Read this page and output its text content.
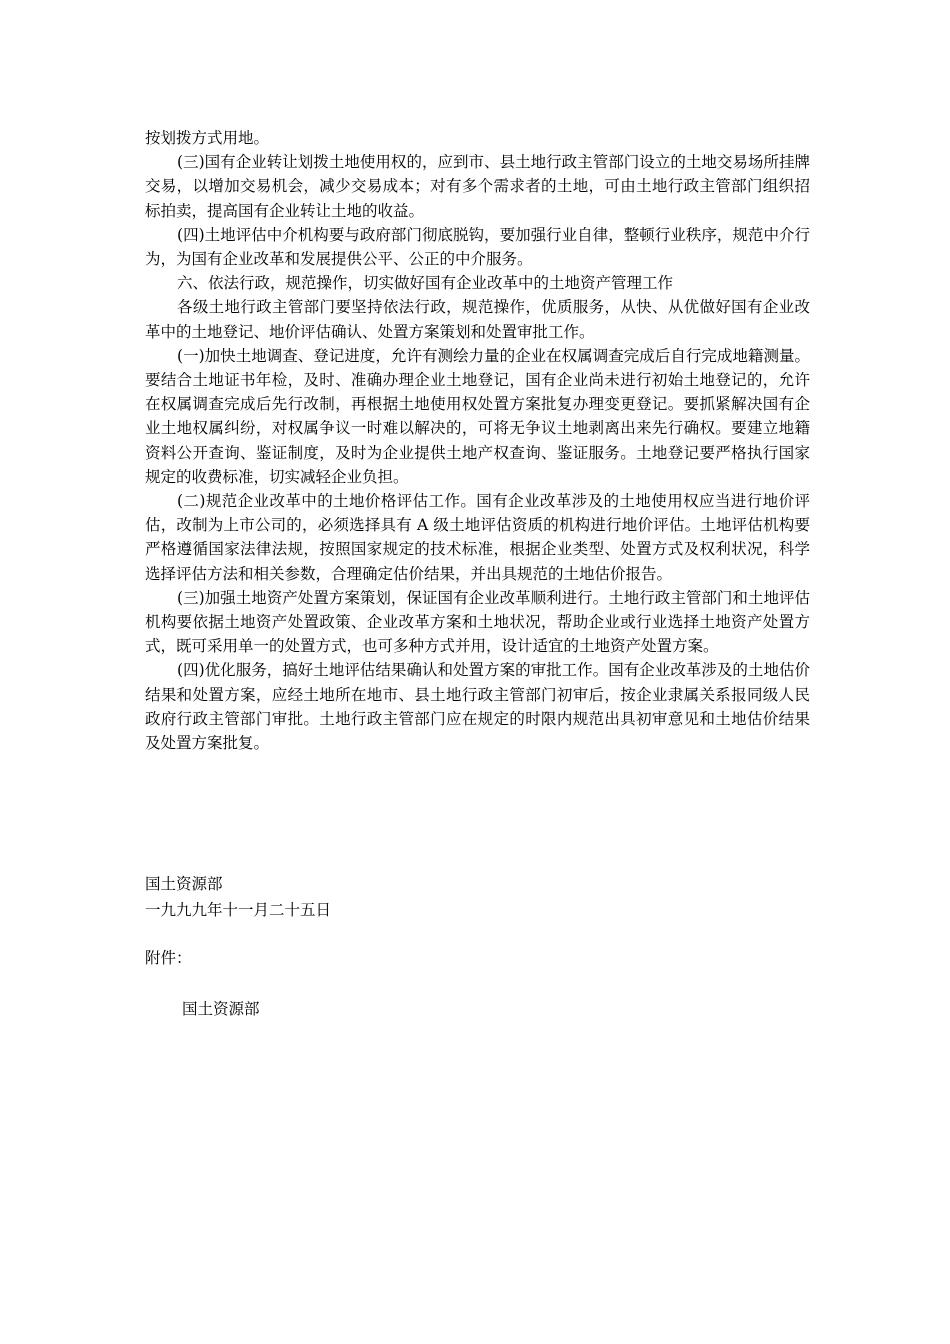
按划拨方式用地。

(三)国有企业转让划拨土地使用权的，应到市、县土地行政主管部门设立的土地交易场所挂牌交易，以增加交易机会，减少交易成本；对有多个需求者的土地，可由土地行政主管部门组织招标拍卖，提高国有企业转让土地的收益。

(四)土地评估中介机构要与政府部门彻底脱钩，要加强行业自律，整顿行业秩序，规范中介行为，为国有企业改革和发展提供公平、公正的中介服务。

六、依法行政，规范操作，切实做好国有企业改革中的土地资产管理工作

各级土地行政主管部门要坚持依法行政，规范操作，优质服务，从快、从优做好国有企业改革中的土地登记、地价评估确认、处置方案策划和处置审批工作。

(一)加快土地调查、登记进度，允许有测绘力量的企业在权属调查完成后自行完成地籍测量。要结合土地证书年检，及时、准确办理企业土地登记，国有企业尚未进行初始土地登记的，允许在权属调查完成后先行改制，再根据土地使用权处置方案批复办理变更登记。要抓紧解决国有企业土地权属纠纷，对权属争议一时难以解决的，可将无争议土地剥离出来先行确权。要建立地籍资料公开查询、鉴证制度，及时为企业提供土地产权查询、鉴证服务。土地登记要严格执行国家规定的收费标准，切实减轻企业负担。

(二)规范企业改革中的土地价格评估工作。国有企业改革涉及的土地使用权应当进行地价评估，改制为上市公司的，必须选择具有 A 级土地评估资质的机构进行地价评估。土地评估机构要严格遵循国家法律法规，按照国家规定的技术标准，根据企业类型、处置方式及权利状况，科学选择评估方法和相关参数，合理确定估价结果，并出具规范的土地估价报告。

(三)加强土地资产处置方案策划，保证国有企业改革顺利进行。土地行政主管部门和土地评估机构要依据土地资产处置政策、企业改革方案和土地状况，帮助企业或行业选择土地资产处置方式，既可采用单一的处置方式，也可多种方式并用，设计适宜的土地资产处置方案。

(四)优化服务，搞好土地评估结果确认和处置方案的审批工作。国有企业改革涉及的土地估价结果和处置方案，应经土地所在地市、县土地行政主管部门初审后，按企业隶属关系报同级人民政府行政主管部门审批。土地行政主管部门应在规定的时限内规范出具初审意见和土地估价结果及处置方案批复。

国土资源部
一九九九年十一月二十五日
附件：
国土资源部
